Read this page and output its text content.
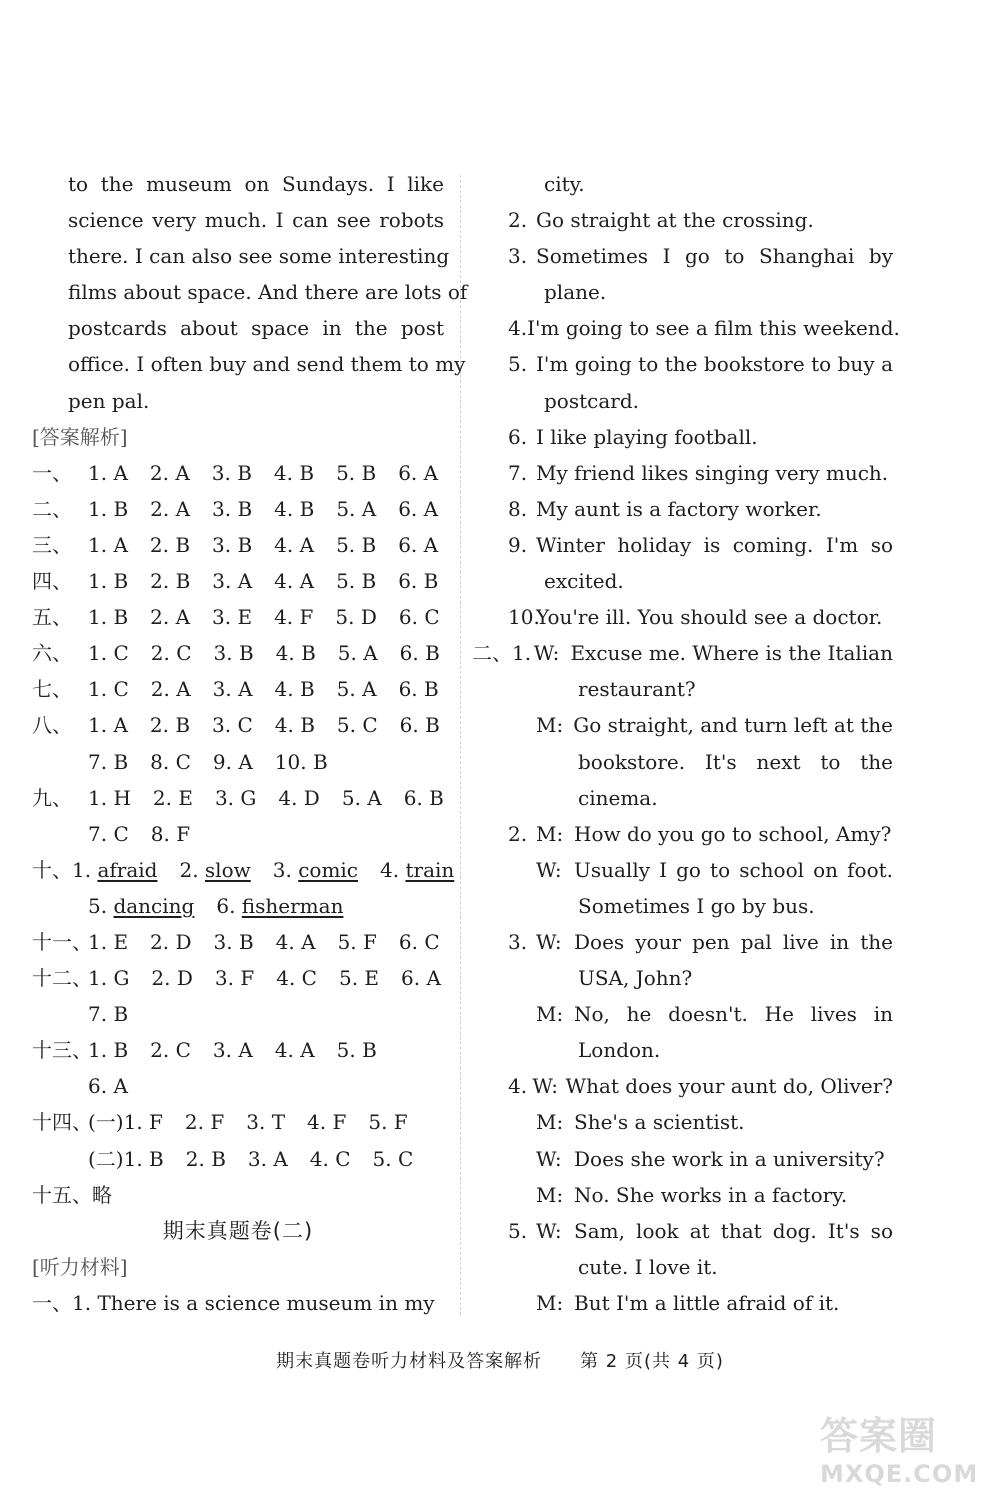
to the museum on Sundays. I like
science very much. I can see robots
there. I can also see some interesting
films about space. And there are lots of
postcards about space in the post
office. I often buy and send them to my
pen pal.
[答案解析]
一、 1. A 2. A 3. B 4. B 5. B 6. A
二、 1. B 2. A 3. B 4. B 5. A 6. A
三、 1. A 2. B 3. B 4. A 5. B 6. A
四、 1. B 2. B 3. A 4. A 5. B 6. B
五、 1. B 2. A 3. E 4. F 5. D 6. C
六、 1. C 2. C 3. B 4. B 5. A 6. B
七、 1. C 2. A 3. A 4. B 5. A 6. B
八、 1. A 2. B 3. C 4. B 5. C 6. B
7. B 8. C 9. A 10. B
九、 1. H 2. E 3. G 4. D 5. A 6. B
7. C 8. F
十、 1. afraid 2. slow 3. comic 4. train
5. dancing 6. fisherman
十一、
1. E 2. D 3. B 4. A 5. F 6. C
十二、
1. G 2. D 3. F 4. C 5. E 6. A
7. B
十三、
1. B 2. C 3. A 4. A 5. B
6. A
十四、
(一)1. F 2. F 3. T 4. F 5. F
(二)1. B 2. B 3. A 4. C 5. C
十五、略
期末真题卷(二)
[听力材料]
一、1. There is a science museum in my
city.
2. Go straight at the crossing.
3. Sometimes I go to Shanghai by
plane.
4. I'm going to see a film this weekend.
5. I'm going to the bookstore to buy a
postcard.
6. I like playing football.
7. My friend likes singing very much.
8. My aunt is a factory worker.
9. Winter holiday is coming. I'm so
excited.
10.
You're ill. You should see a doctor.
二、1. W: Excuse me. Where is the Italian
restaurant?
M: Go straight, and turn left at the
bookstore. It's next to the
cinema.
2. M: How do you go to school, Amy?
W: Usually I go to school on foot.
Sometimes I go by bus.
3. W: Does your pen pal live in the
USA, John?
M: No, he doesn't. He lives in
London.
4. W: What does your aunt do, Oliver?
M: She's a scientist.
W: Does she work in a university?
M: No. She works in a factory.
5. W: Sam, look at that dog. It's so
cute. I love it.
M: But I'm a little afraid of it.
期末真题卷听力材料及答案解析　　第 2 页(共 4 页)
答案圈
MXQE.COM
